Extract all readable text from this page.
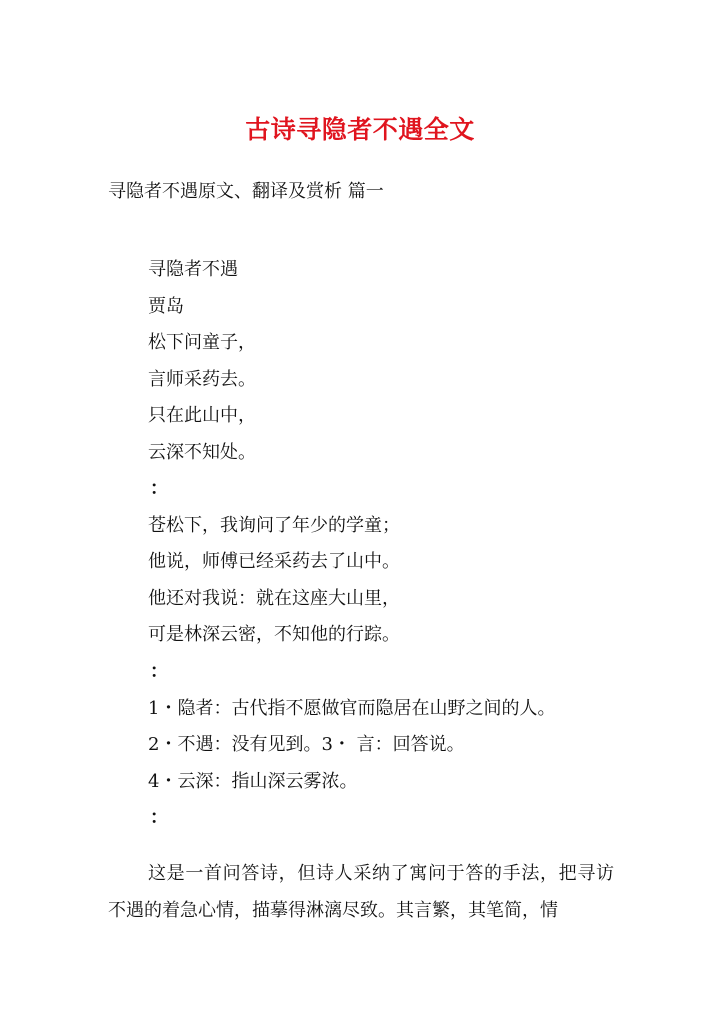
古诗寻隐者不遇全文
寻隐者不遇原文、翻译及赏析 篇一
寻隐者不遇
贾岛
松下问童子，
言师采药去。
只在此山中，
云深不知处。
：
苍松下，我询问了年少的学童；
他说，师傅已经采药去了山中。
他还对我说：就在这座大山里，
可是林深云密，不知他的行踪。
：
1・隐者：古代指不愿做官而隐居在山野之间的人。
2・不遇：没有见到。3・ 言：回答说。
4・云深：指山深云雾浓。
：

这是一首问答诗，但诗人采纳了寓问于答的手法，把寻访不遇的着急心情，描摹得淋漓尽致。其言繁，其笔简，情
